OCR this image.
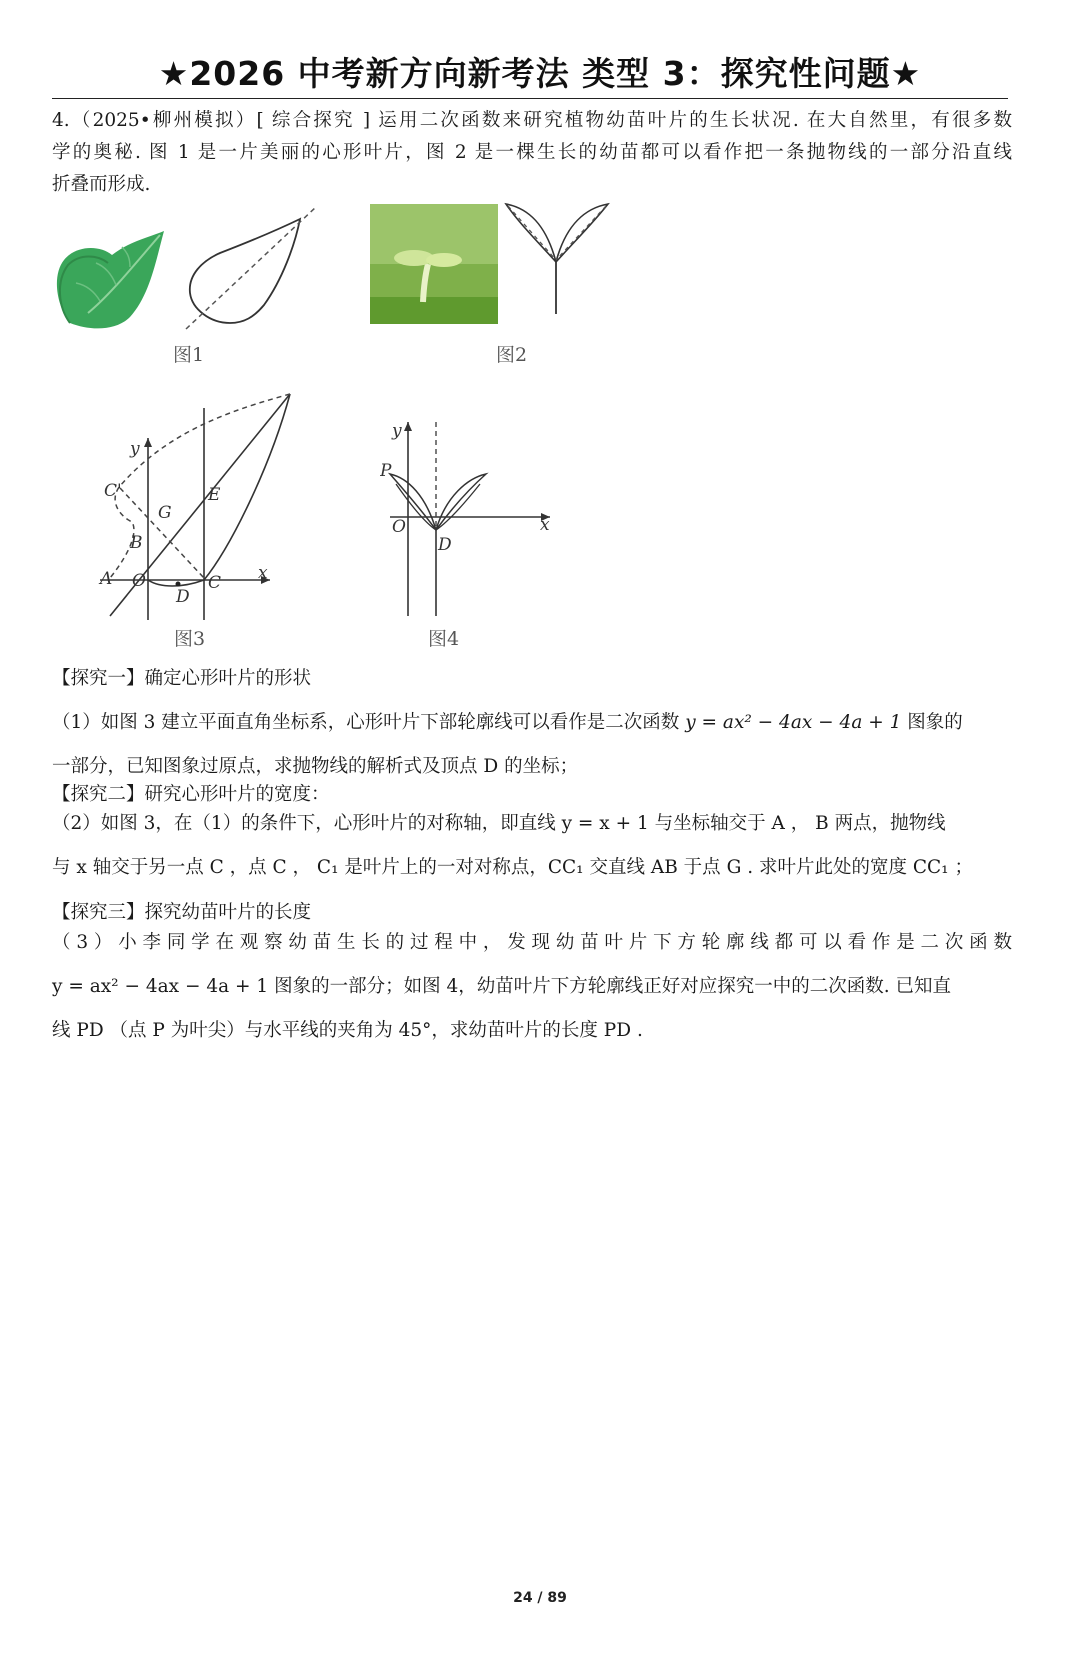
★2026 中考新方向新考法 类型 3：探究性问题★
4.（2025•柳州模拟）[ 综合探究 ] 运用二次函数来研究植物幼苗叶片的生长状况. 在大自然里，有很多数
学的奥秘. 图 1 是一片美丽的心形叶片，图 2 是一棵生长的幼苗都可以看作把一条抛物线的一部分沿直线
折叠而形成.
图1	图2
y
x
C'
G
E
B
A O
D
C
图3
y
x
P
O
D
图4
【探究一】确定心形叶片的形状
（1）如图 3 建立平面直角坐标系，心形叶片下部轮廓线可以看作是二次函数 y = ax² − 4ax − 4a + 1 图象的
一部分，已知图象过原点，求抛物线的解析式及顶点 D 的坐标；
【探究二】研究心形叶片的宽度：
（2）如图 3，在（1）的条件下，心形叶片的对称轴，即直线 y = x + 1 与坐标轴交于 A ， B 两点，抛物线
与 x 轴交于另一点 C ，点 C ， C₁ 是叶片上的一对对称点，CC₁ 交直线 AB 于点 G . 求叶片此处的宽度 CC₁ ；
【探究三】探究幼苗叶片的长度
（3）小李同学在观察幼苗生长的过程中，发现幼苗叶片下方轮廓线都可以看作是二次函数
y = ax² − 4ax − 4a + 1 图象的一部分；如图 4，幼苗叶片下方轮廓线正好对应探究一中的二次函数. 已知直
线 PD （点 P 为叶尖）与水平线的夹角为 45°，求幼苗叶片的长度 PD .
24 / 89
